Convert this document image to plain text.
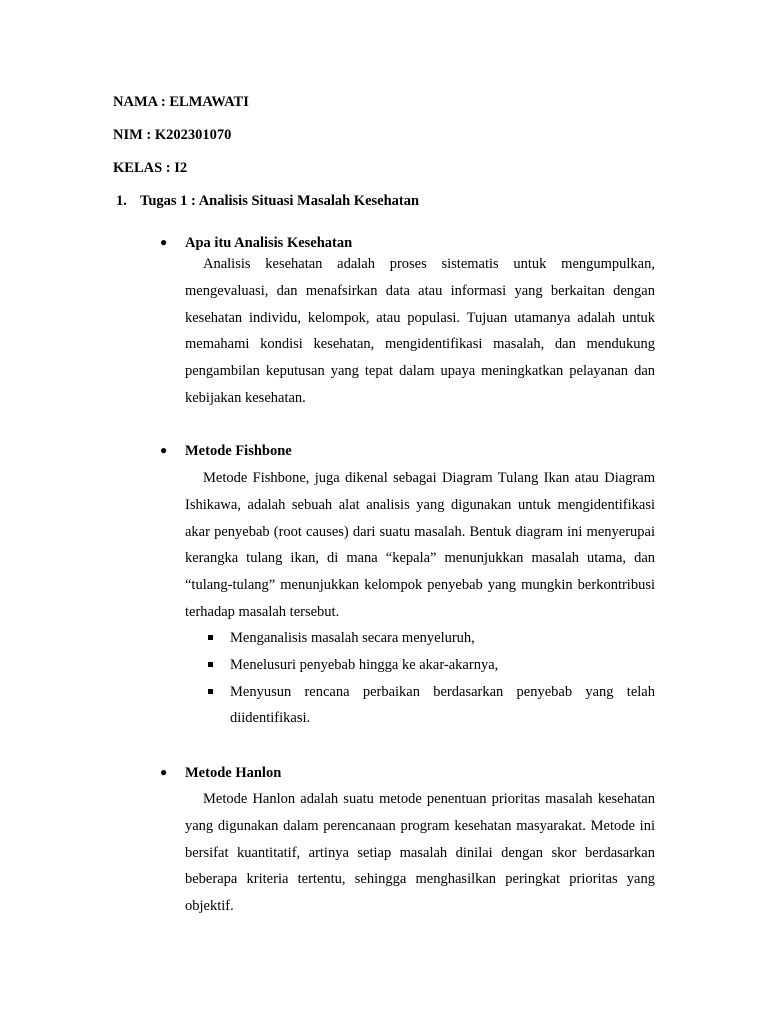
NAMA : ELMAWATI
NIM : K202301070
KELAS : I2
1. Tugas 1 : Analisis Situasi Masalah Kesehatan
● Apa itu Analisis Kesehatan

Analisis kesehatan adalah proses sistematis untuk mengumpulkan, mengevaluasi, dan menafsirkan data atau informasi yang berkaitan dengan kesehatan individu, kelompok, atau populasi. Tujuan utamanya adalah untuk memahami kondisi kesehatan, mengidentifikasi masalah, dan mendukung pengambilan keputusan yang tepat dalam upaya meningkatkan pelayanan dan kebijakan kesehatan.

● Metode Fishbone

Metode Fishbone, juga dikenal sebagai Diagram Tulang Ikan atau Diagram Ishikawa, adalah sebuah alat analisis yang digunakan untuk mengidentifikasi akar penyebab (root causes) dari suatu masalah. Bentuk diagram ini menyerupai kerangka tulang ikan, di mana “kepala” menunjukkan masalah utama, dan “tulang-tulang” menunjukkan kelompok penyebab yang mungkin berkontribusi terhadap masalah tersebut.

Menganalisis masalah secara menyeluruh,
Menelusuri penyebab hingga ke akar-akarnya,
Menyusun rencana perbaikan berdasarkan penyebab yang telah diidentifikasi.
● Metode Hanlon

Metode Hanlon adalah suatu metode penentuan prioritas masalah kesehatan yang digunakan dalam perencanaan program kesehatan masyarakat. Metode ini bersifat kuantitatif, artinya setiap masalah dinilai dengan skor berdasarkan beberapa kriteria tertentu, sehingga menghasilkan peringkat prioritas yang objektif.
